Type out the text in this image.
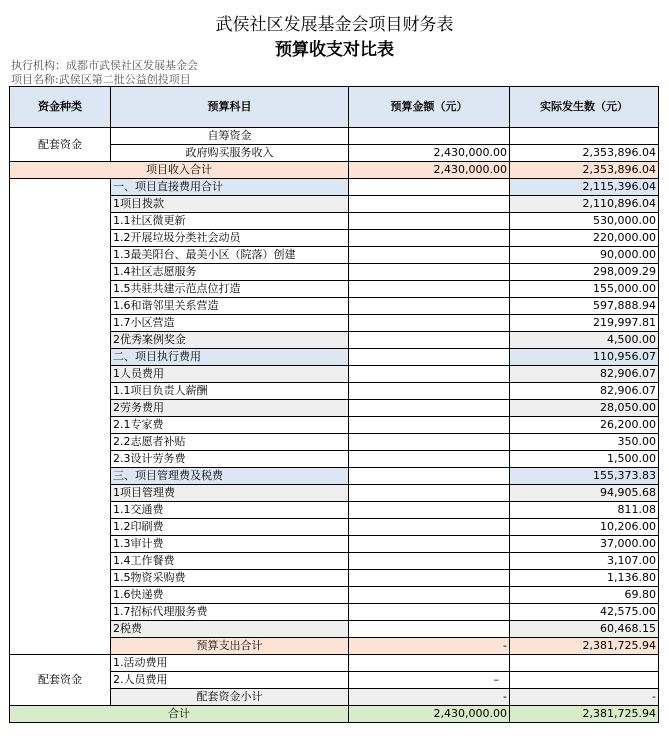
武侯社区发展基金会项目财务表
预算收支对比表
执行机构：成都市武侯社区发展基金会
项目名称:武侯区第二批公益创投项目
资金种类	预算科目	预算金额（元）	实际发生数（元）
配套资金	自筹资金		
	政府购买服务收入	2,430,000.00	2,353,896.04
项目收入合计		2,430,000.00	2,353,896.04
	一、项目直接费用合计		2,115,396.04
	1项目拨款		2,110,896.04
	1.1社区微更新		530,000.00
	1.2开展垃圾分类社会动员		220,000.00
	1.3最美阳台、最美小区（院落）创建		90,000.00
	1.4社区志愿服务		298,009.29
	1.5共驻共建示范点位打造		155,000.00
	1.6和谐邻里关系营造		597,888.94
	1.7小区营造		219,997.81
	2优秀案例奖金		4,500.00
	二、项目执行费用		110,956.07
	1人员费用		82,906.07
	1.1项目负责人薪酬		82,906.07
	2劳务费用		28,050.00
	2.1专家费		26,200.00
	2.2志愿者补贴		350.00
	2.3设计劳务费		1,500.00
	三、项目管理费及税费		155,373.83
	1项目管理费		94,905.68
	1.1交通费		811.08
	1.2印刷费		10,206.00
	1.3审计费		37,000.00
	1.4工作餐费		3,107.00
	1.5物资采购费		1,136.80
	1.6快递费		69.80
	1.7招标代理服务费		42,575.00
	2税费		60,468.15
	预算支出合计	-	2,381,725.94
配套资金	1.活动费用		
	2.人员费用	–	
	配套资金小计	-	-
合计		2,430,000.00	2,381,725.94
